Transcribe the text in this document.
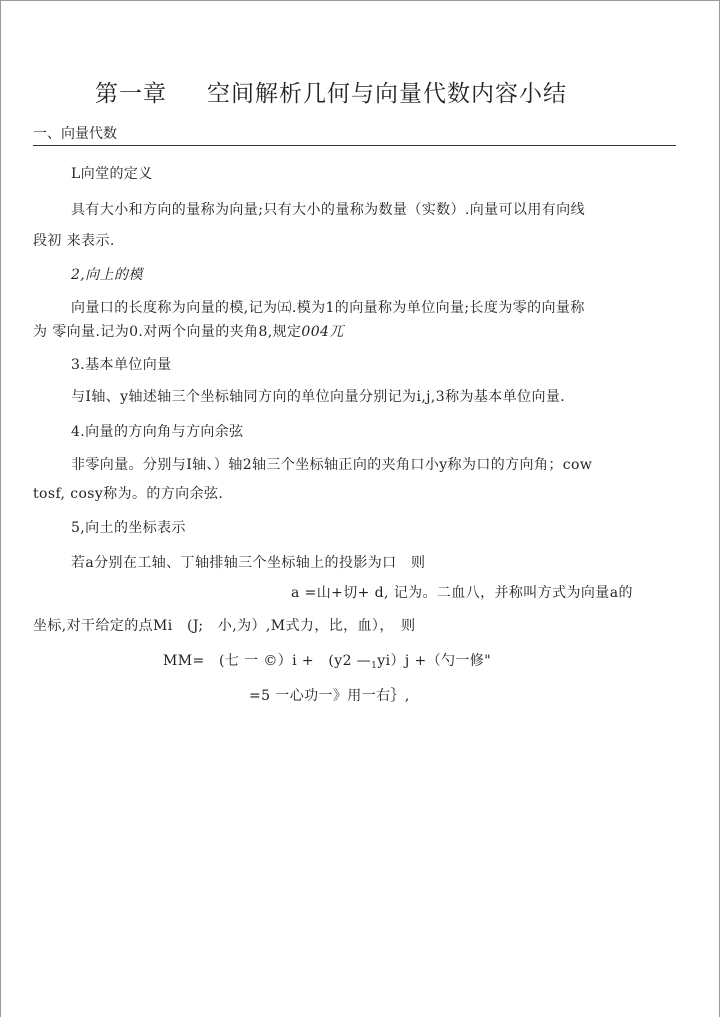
第一章 空间解析几何与向量代数内容小结
一、向量代数
L向堂的定义
具有大小和方向的量称为向量;只有大小的量称为数量（实数）.向量可以用有向线
段初 来表示.
2,向上的模
向量口的长度称为向量的模,记为㈤.模为1的向量称为单位向量;长度为零的向量称
为 零向量.记为0.对两个向量的夹角8,规定004兀
3.基本单位向量
与I轴、y轴述轴三个坐标轴同方向的单位向量分别记为i,j,3称为基本单位向量.
4.向量的方向角与方向余弦
非零向量。分别与I轴、）轴2轴三个坐标轴正向的夹角口小y称为口的方向角；cow
tosf, cosy称为。的方向余弦.
5,向土的坐标表示
若a分别在工轴、丁轴排轴三个坐标轴上的投影为口　则
a =山+切+ d, 记为。二血八，并称叫方式为向量a的
坐标,对干给定的点Mi　(J;　小,为）,M式力，比，血），　则
MM=　(七 一 ©）i +　(y2 $—_1yi)j$ +（勺一修"
=5 一心功一》用一右｝,
